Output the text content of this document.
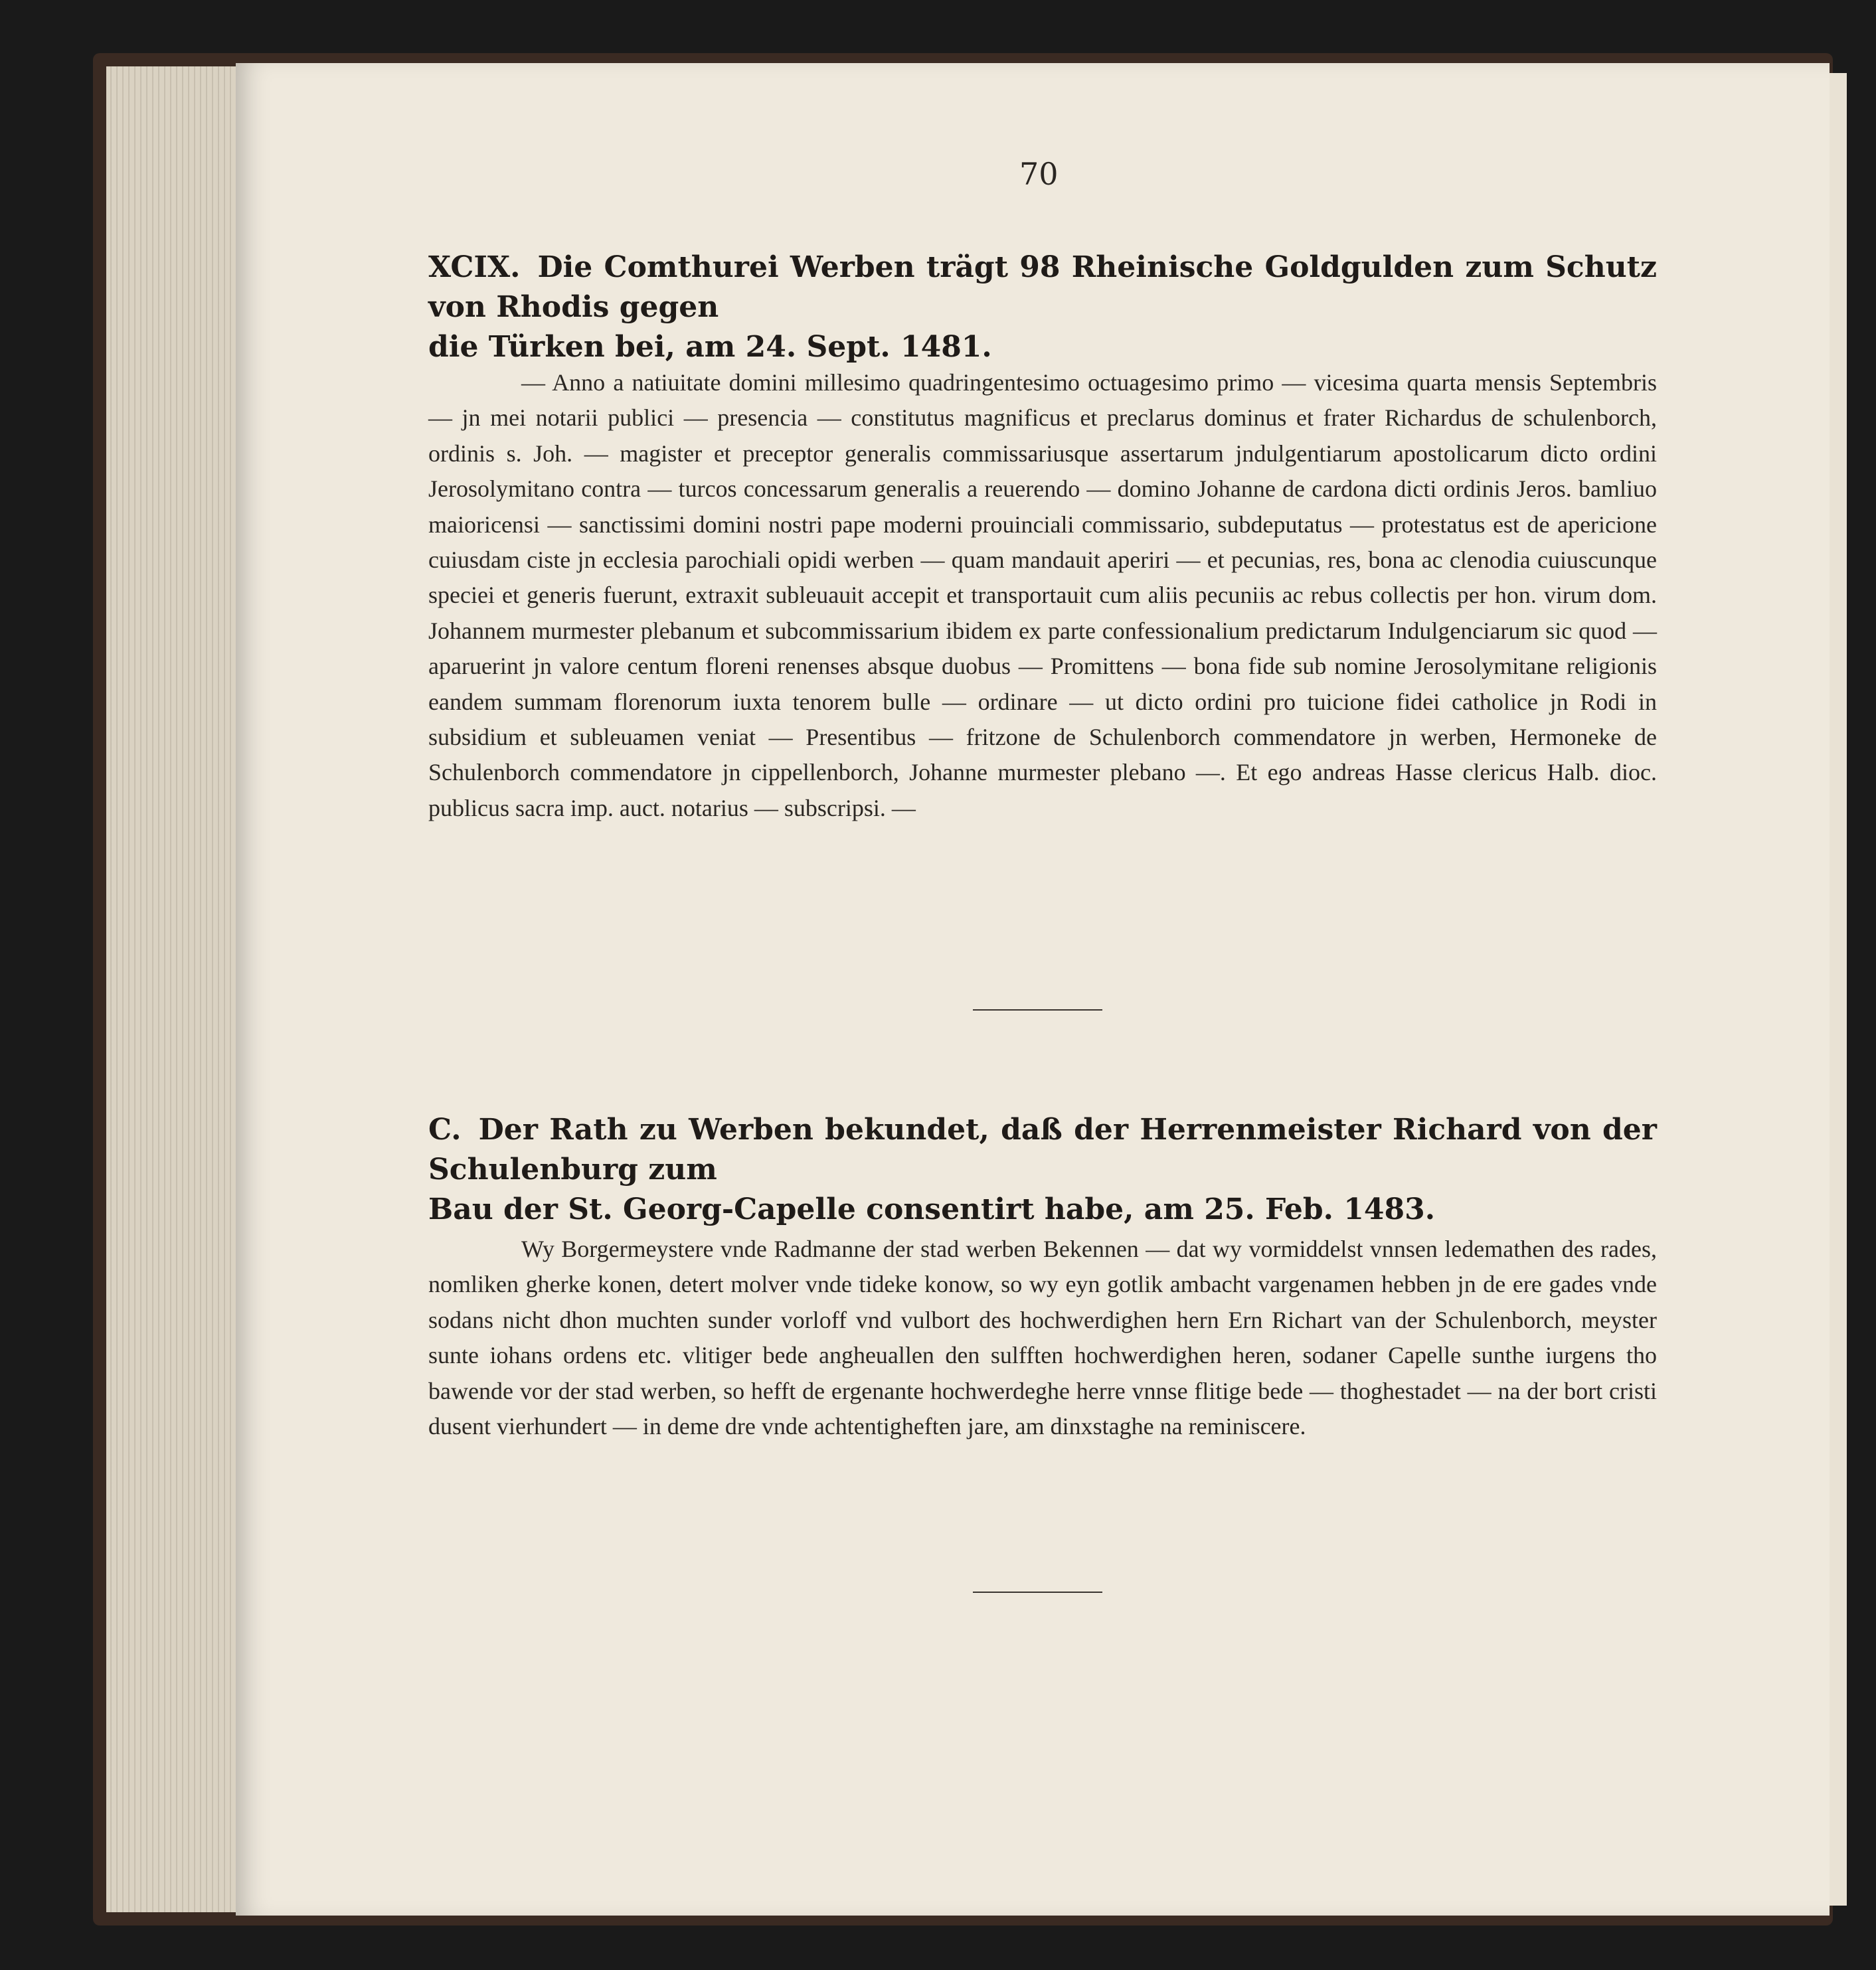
70
XCIX. Die Comthurei Werben trägt 98 Rheinische Goldgulden zum Schutz von Rhodis gegen
die Türken bei, am 24. Sept. 1481.

— Anno a natiuitate domini millesimo quadringentesimo octuagesimo primo — vicesima quarta mensis Septembris — jn mei notarii publici — presencia — constitutus magnificus et preclarus dominus et frater Richardus de schulenborch, ordinis s. Joh. — magister et preceptor generalis commissariusque assertarum jndulgentiarum apostolicarum dicto ordini Jerosolymitano contra — turcos concessarum generalis a reuerendo — domino Johanne de cardona dicti ordinis Jeros. bamliuo maioricensi — sanctissimi domini nostri pape moderni prouinciali commissario, subdeputatus — protestatus est de apericione cuiusdam ciste jn ecclesia parochiali opidi werben — quam mandauit aperiri — et pecunias, res, bona ac clenodia cuiuscunque speciei et generis fuerunt, extraxit subleuauit accepit et transportauit cum aliis pecuniis ac rebus collectis per hon. virum dom. Johannem murmester plebanum et subcommissarium ibidem ex parte confessionalium predictarum Indulgenciarum sic quod — aparuerint jn valore centum floreni renenses absque duobus — Promittens — bona fide sub nomine Jerosolymitane religionis eandem summam florenorum iuxta tenorem bulle — ordinare — ut dicto ordini pro tuicione fidei catholice jn Rodi in subsidium et subleuamen veniat — Presentibus — fritzone de Schulenborch commendatore jn werben, Hermoneke de Schulenborch commendatore jn cippellenborch, Johanne murmester plebano —. Et ego andreas Hasse clericus Halb. dioc. publicus sacra imp. auct. notarius — subscripsi. —

C. Der Rath zu Werben bekundet, daß der Herrenmeister Richard von der Schulenburg zum
Bau der St. Georg-Capelle consentirt habe, am 25. Feb. 1483.

Wy Borgermeystere vnde Radmanne der stad werben Bekennen — dat wy vormiddelst vnnsen ledemathen des rades, nomliken gherke konen, detert molver vnde tideke konow, so wy eyn gotlik ambacht vargenamen hebben jn de ere gades vnde sodans nicht dhon muchten sunder vorloff vnd vulbort des hochwerdighen hern Ern Richart van der Schulenborch, meyster sunte iohans ordens etc. vlitiger bede angheuallen den sulfften hochwerdighen heren, sodaner Capelle sunthe iurgens tho bawende vor der stad werben, so hefft de ergenante hochwerdeghe herre vnnse flitige bede — thoghestadet — na der bort cristi dusent vierhundert — in deme dre vnde achtentigheften jare, am dinxstaghe na reminiscere.
